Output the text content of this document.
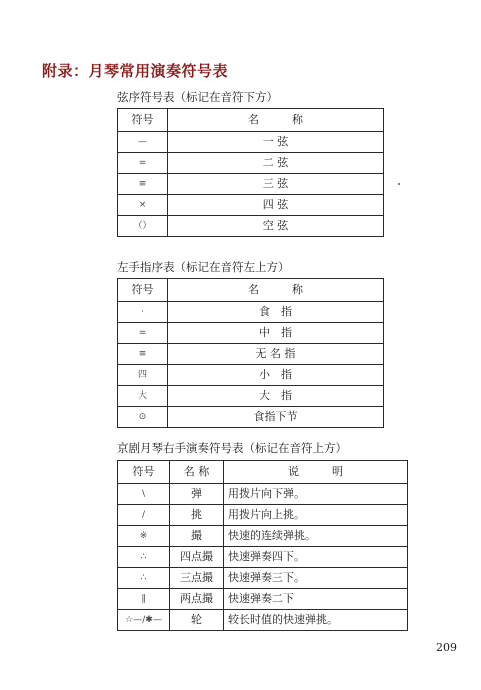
附录：月琴常用演奏符号表
弦序符号表（标记在音符下方）
符号	名　　　称
—	一 弦
=	二 弦
≡	三 弦
×	四 弦
（）	空 弦
左手指序表（标记在音符左上方）
符号	名　　　称
·	食　指
=	中　指
≡	无 名 指
四	小　指
大	大　指
⊙	食指下节
京剧月琴右手演奏符号表（标记在音符上方）
符号	名 称	说　　　明
\	弹	用拨片向下弹。
/	挑	用拨片向上挑。
※	撮	快速的连续弹挑。
∴	四点撮	快速弹奏四下。
∴	三点撮	快速弹奏三下。
∥	两点撮	快速弹奏二下
☆—/✱—	轮	较长时值的快速弹挑。
209
